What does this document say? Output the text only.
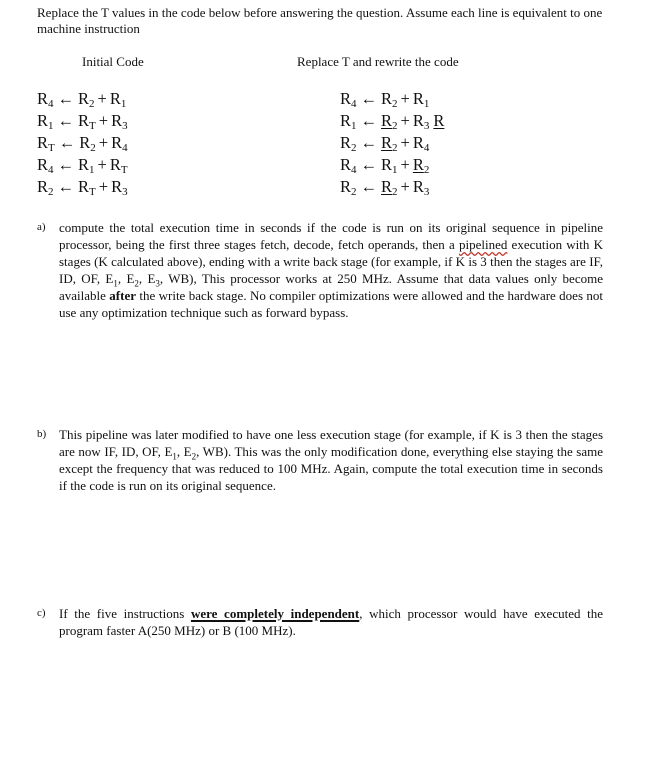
Replace the T values in the code below before answering the question. Assume each line is equivalent to one machine instruction
Initial Code	Replace T and rewrite the code
$R_4$ ← $R_2 + R_1$
$R_1$ ← $R_T + R_3$
$R_T$ ← $R_2 + R_4$
$R_4$ ← $R_1 + R_T$
$R_2$ ← $R_T + R_3$
$R_4$ ← $R_2 + R_1$
$R_1$ ← $R_2 + R_3$ R
$R_2$ ← $R_2 + R_4$
$R_4$ ← $R_1 + R_2$
$R_2$ ← $R_2 + R_3$
a) compute the total execution time in seconds if the code is run on its original sequence in pipeline processor, being the first three stages fetch, decode, fetch operands, then a pipelined execution with K stages (K calculated above), ending with a write back stage (for example, if K is 3 then the stages are IF, ID, OF, $E_1$, $E_2$, $E_3$, WB), This processor works at 250 MHz. Assume that data values only become available after the write back stage. No compiler optimizations were allowed and the hardware does not use any optimization technique such as forward bypass.
b) This pipeline was later modified to have one less execution stage (for example, if K is 3 then the stages are now IF, ID, OF, $E_1$, $E_2$, WB). This was the only modification done, everything else staying the same except the frequency that was reduced to 100 MHz. Again, compute the total execution time in seconds if the code is run on its original sequence.
c) If the five instructions were completely independent, which processor would have executed the program faster A(250 MHz) or B (100 MHz).
